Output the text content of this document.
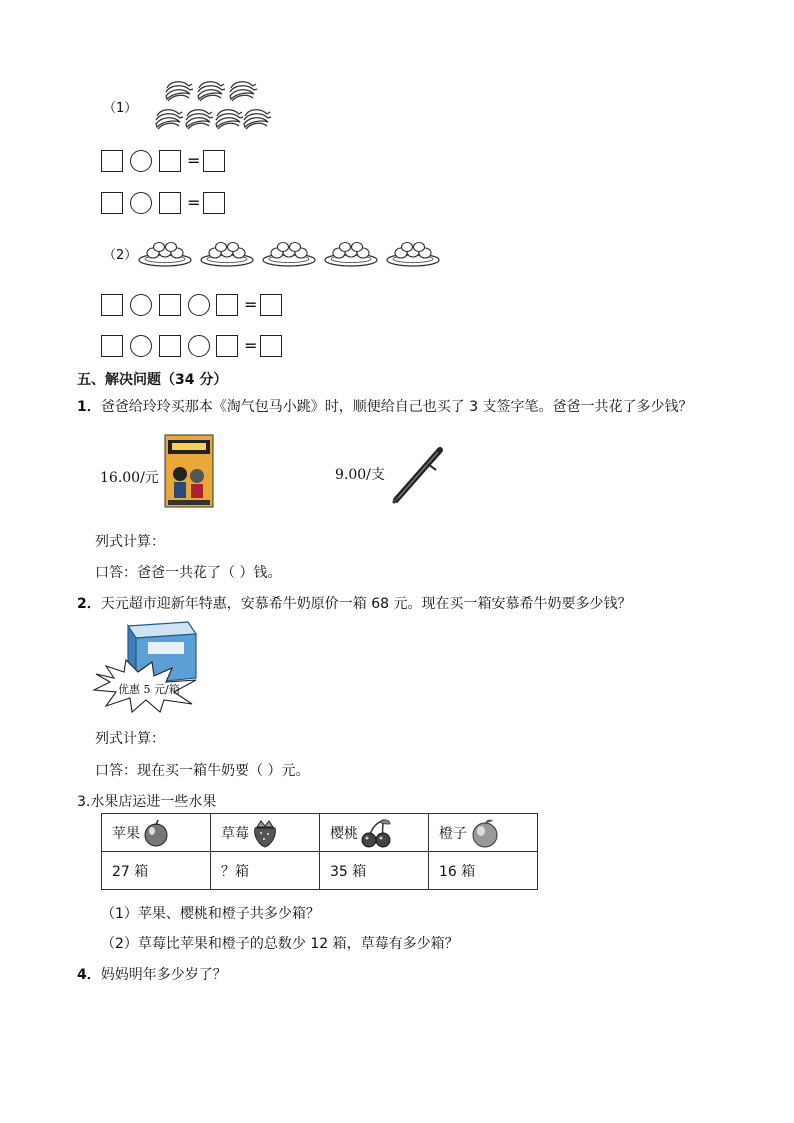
（1）
=
=
（2）
=
=
五、解决问题（34 分）
1．爸爸给玲玲买那本《淘气包马小跳》时，顺便给自己也买了 3 支签字笔。爸爸一共花了多少钱？
16.00/元	9.00/支
列式计算：
口答：爸爸一共花了（ ）钱。
2．天元超市迎新年特惠，安慕希牛奶原价一箱 68 元。现在买一箱安慕希牛奶要多少钱？
优惠 5 元/箱
列式计算：
口答：现在买一箱牛奶要（ ）元。
3.水果店运进一些水果
苹果	草莓	樱桃	橙子

27 箱	？箱	35 箱	16 箱
（1）苹果、樱桃和橙子共多少箱？
（2）草莓比苹果和橙子的总数少 12 箱，草莓有多少箱？
4．妈妈明年多少岁了？
